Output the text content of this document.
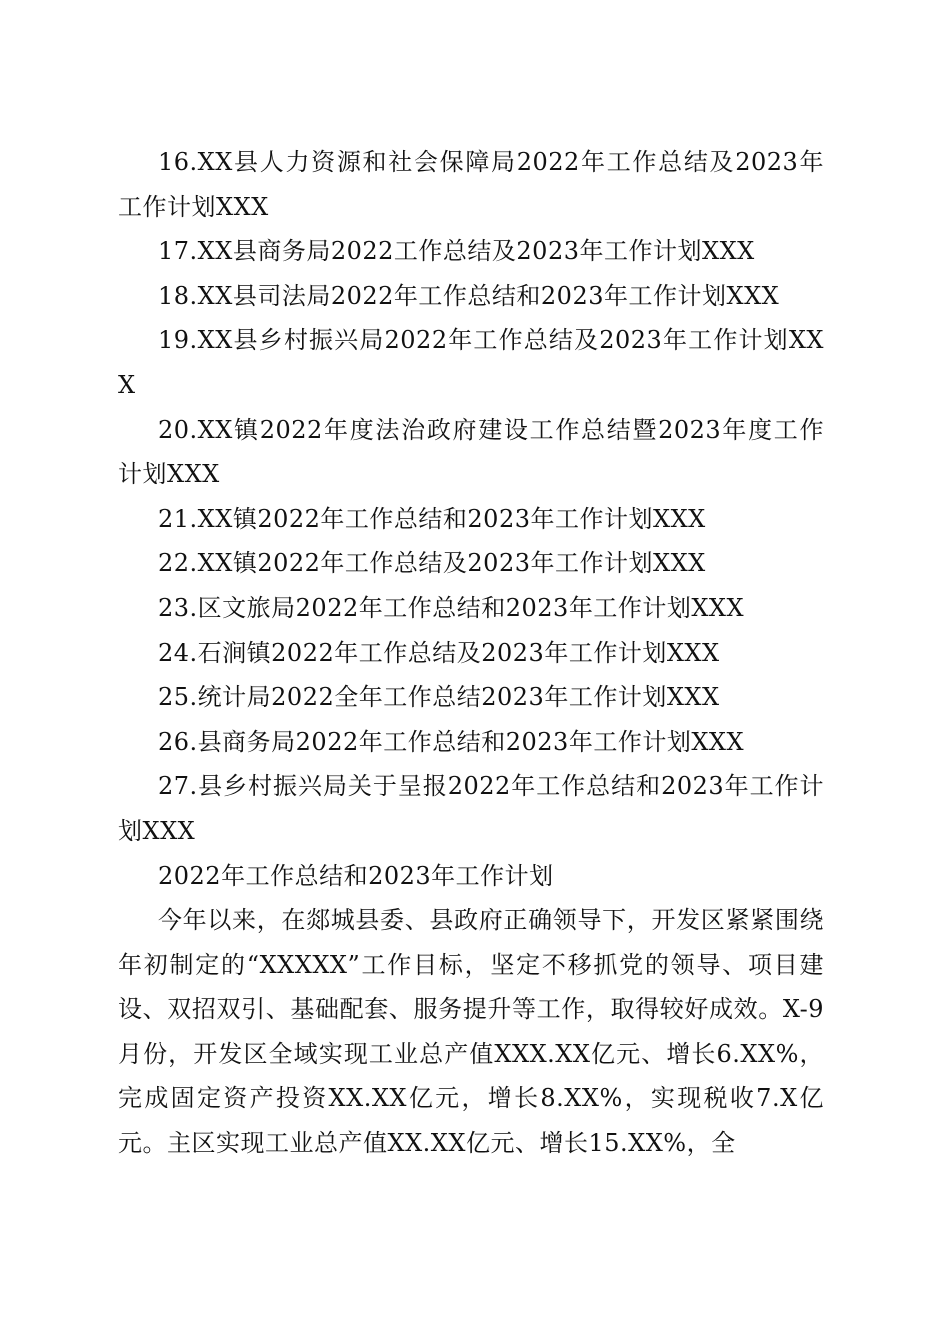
16.XX县人力资源和社会保障局2022年工作总结及2023年工作计划XXX

17.XX县商务局2022工作总结及2023年工作计划XXX

18.XX县司法局2022年工作总结和2023年工作计划XXX

19.XX县乡村振兴局2022年工作总结及2023年工作计划XXX

20.XX镇2022年度法治政府建设工作总结暨2023年度工作计划XXX

21.XX镇2022年工作总结和2023年工作计划XXX

22.XX镇2022年工作总结及2023年工作计划XXX

23.区文旅局2022年工作总结和2023年工作计划XXX

24.石涧镇2022年工作总结及2023年工作计划XXX

25.统计局2022全年工作总结2023年工作计划XXX

26.县商务局2022年工作总结和2023年工作计划XXX

27.县乡村振兴局关于呈报2022年工作总结和2023年工作计划XXX

2022年工作总结和2023年工作计划

今年以来，在郯城县委、县政府正确领导下，开发区紧紧围绕年初制定的“XXXXX”工作目标，坚定不移抓党的领导、项目建设、双招双引、基础配套、服务提升等工作，取得较好成效。X-9月份，开发区全域实现工业总产值XXX.XX亿元、增长6.XX%，完成固定资产投资XX.XX亿元，增长8.XX%，实现税收7.X亿元。主区实现工业总产值XX.XX亿元、增长15.XX%，全
